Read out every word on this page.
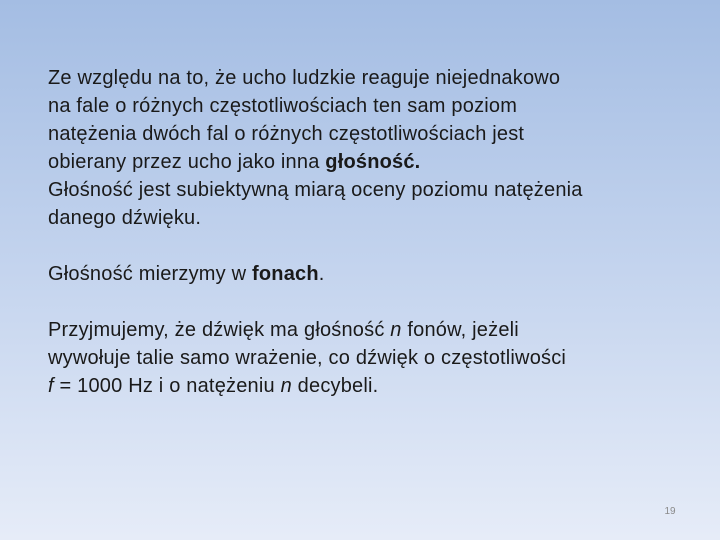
Ze względu na to, że ucho ludzkie reaguje niejednakowo
na fale o różnych częstotliwościach ten sam poziom
natężenia dwóch fal o różnych częstotliwościach jest
obierany przez ucho jako inna głośność.
Głośność jest subiektywną miarą oceny poziomu natężenia
danego dźwięku.

Głośność mierzymy w fonach.

Przyjmujemy, że dźwięk ma głośność n fonów, jeżeli
wywołuje talie samo wrażenie, co dźwięk o częstotliwości
f = 1000 Hz i o natężeniu n decybeli.

19
